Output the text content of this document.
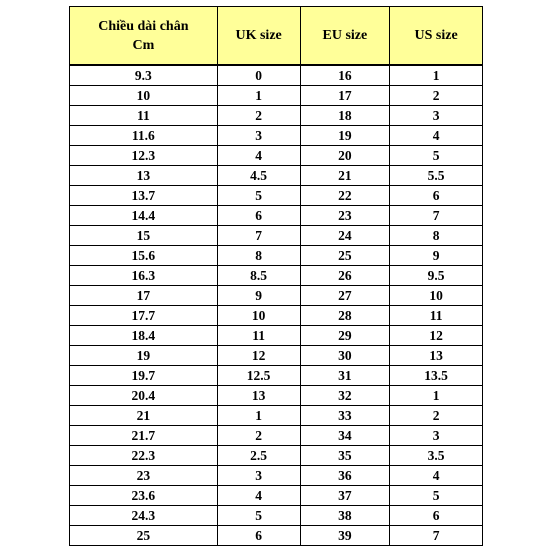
Chiều dài chân Cm	UK size	EU size	US size
9.3	0	16	1
10	1	17	2
11	2	18	3
11.6	3	19	4
12.3	4	20	5
13	4.5	21	5.5
13.7	5	22	6
14.4	6	23	7
15	7	24	8
15.6	8	25	9
16.3	8.5	26	9.5
17	9	27	10
17.7	10	28	11
18.4	11	29	12
19	12	30	13
19.7	12.5	31	13.5
20.4	13	32	1
21	1	33	2
21.7	2	34	3
22.3	2.5	35	3.5
23	3	36	4
23.6	4	37	5
24.3	5	38	6
25	6	39	7
